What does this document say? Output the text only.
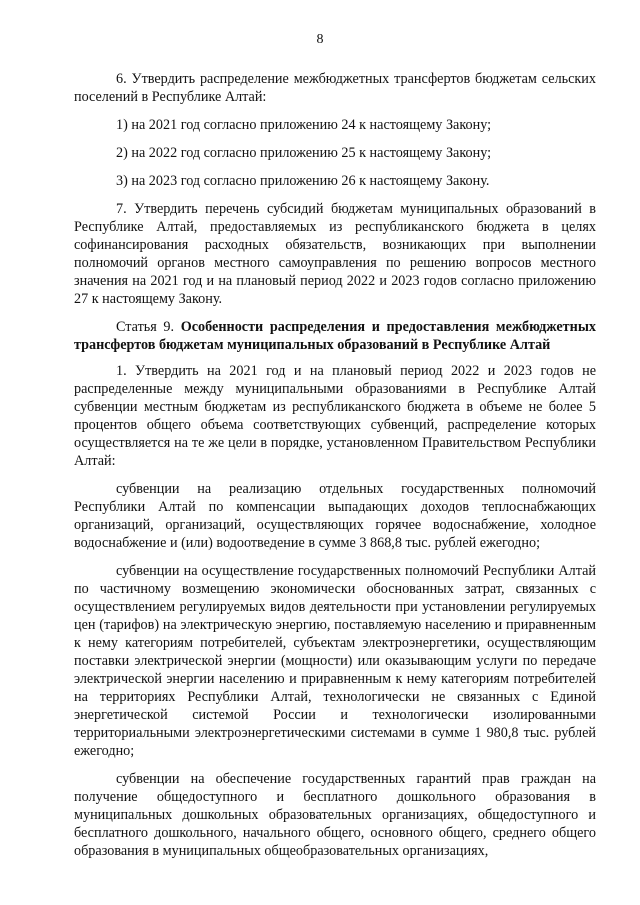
8

6. Утвердить распределение межбюджетных трансфертов бюджетам сельских поселений в Республике Алтай:

1) на 2021 год согласно приложению 24 к настоящему Закону;

2) на 2022 год согласно приложению 25 к настоящему Закону;

3) на 2023 год согласно приложению 26 к настоящему Закону.

7. Утвердить перечень субсидий бюджетам муниципальных образований в Республике Алтай, предоставляемых из республиканского бюджета в целях софинансирования расходных обязательств, возникающих при выполнении полномочий органов местного самоуправления по решению вопросов местного значения на 2021 год и на плановый период 2022 и 2023 годов согласно приложению 27 к настоящему Закону.

Статья 9. Особенности распределения и предоставления межбюджетных трансфертов бюджетам муниципальных образований в Республике Алтай

1. Утвердить на 2021 год и на плановый период 2022 и 2023 годов не распределенные между муниципальными образованиями в Республике Алтай субвенции местным бюджетам из республиканского бюджета в объеме не более 5 процентов общего объема соответствующих субвенций, распределение которых осуществляется на те же цели в порядке, установленном Правительством Республики Алтай:

субвенции на реализацию отдельных государственных полномочий Республики Алтай по компенсации выпадающих доходов теплоснабжающих организаций, организаций, осуществляющих горячее водоснабжение, холодное водоснабжение и (или) водоотведение в сумме 3 868,8 тыс. рублей ежегодно;

субвенции на осуществление государственных полномочий Республики Алтай по частичному возмещению экономически обоснованных затрат, связанных с осуществлением регулируемых видов деятельности при установлении регулируемых цен (тарифов) на электрическую энергию, поставляемую населению и приравненным к нему категориям потребителей, субъектам электроэнергетики, осуществляющим поставки электрической энергии (мощности) или оказывающим услуги по передаче электрической энергии населению и приравненным к нему категориям потребителей на территориях Республики Алтай, технологически не связанных с Единой энергетической системой России и технологически изолированными территориальными электроэнергетическими системами в сумме 1 980,8 тыс. рублей ежегодно;

субвенции на обеспечение государственных гарантий прав граждан на получение общедоступного и бесплатного дошкольного образования в муниципальных дошкольных образовательных организациях, общедоступного и бесплатного дошкольного, начального общего, основного общего, среднего общего образования в муниципальных общеобразовательных организациях,
